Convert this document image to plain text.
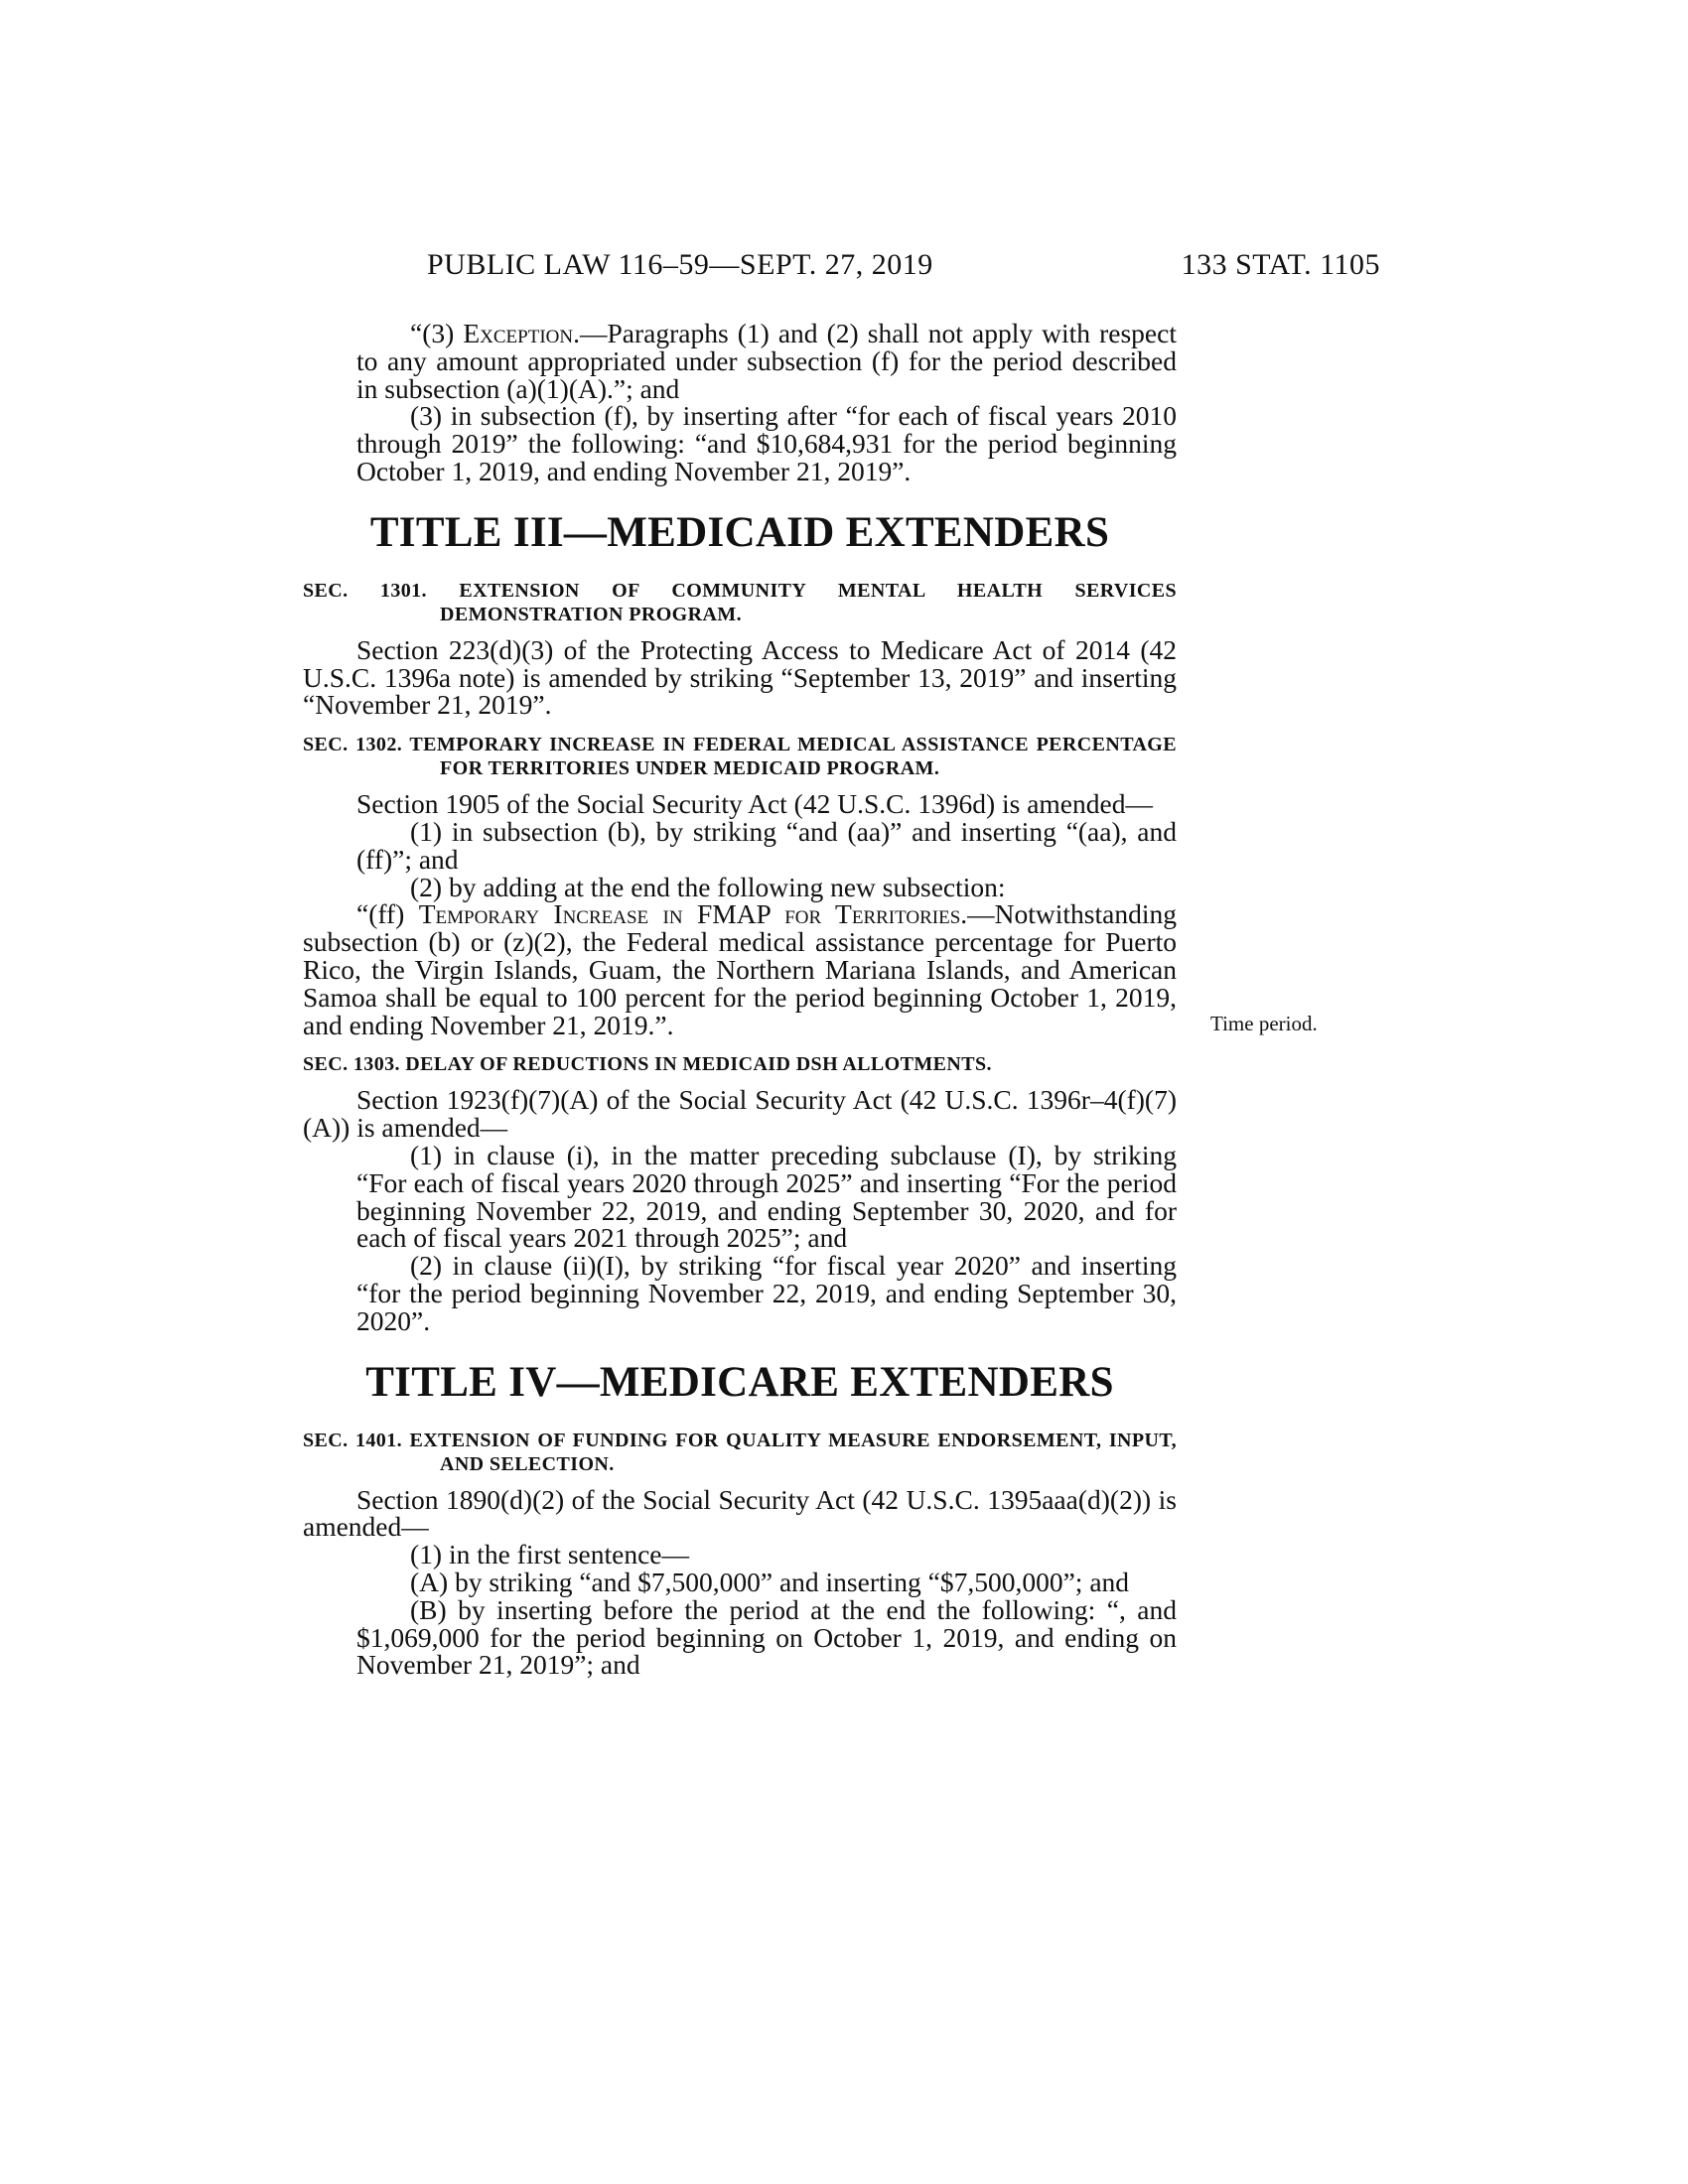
PUBLIC LAW 116–59—SEPT. 27, 2019	133 STAT. 1105
Time period.

“(3) Exception.—Paragraphs (1) and (2) shall not apply with respect to any amount appropriated under subsection (f) for the period described in subsection (a)(1)(A).”; and

(3) in subsection (f), by inserting after “for each of fiscal years 2010 through 2019” the following: “and $10,684,931 for the period beginning October 1, 2019, and ending November 21, 2019”.

TITLE III—MEDICAID EXTENDERS

SEC. 1301. EXTENSION OF COMMUNITY MENTAL HEALTH SERVICES DEMONSTRATION PROGRAM.

Section 223(d)(3) of the Protecting Access to Medicare Act of 2014 (42 U.S.C. 1396a note) is amended by striking “September 13, 2019” and inserting “November 21, 2019”.

SEC. 1302. TEMPORARY INCREASE IN FEDERAL MEDICAL ASSISTANCE PERCENTAGE FOR TERRITORIES UNDER MEDICAID PROGRAM.

Section 1905 of the Social Security Act (42 U.S.C. 1396d) is amended—

(1) in subsection (b), by striking “and (aa)” and inserting “(aa), and (ff)”; and

(2) by adding at the end the following new subsection:

“(ff) Temporary Increase in FMAP for Territories.—Notwithstanding subsection (b) or (z)(2), the Federal medical assistance percentage for Puerto Rico, the Virgin Islands, Guam, the Northern Mariana Islands, and American Samoa shall be equal to 100 percent for the period beginning October 1, 2019, and ending November 21, 2019.”.

SEC. 1303. DELAY OF REDUCTIONS IN MEDICAID DSH ALLOTMENTS.

Section 1923(f)(7)(A) of the Social Security Act (42 U.S.C. 1396r–4(f)(7)(A)) is amended—

(1) in clause (i), in the matter preceding subclause (I), by striking “For each of fiscal years 2020 through 2025” and inserting “For the period beginning November 22, 2019, and ending September 30, 2020, and for each of fiscal years 2021 through 2025”; and

(2) in clause (ii)(I), by striking “for fiscal year 2020” and inserting “for the period beginning November 22, 2019, and ending September 30, 2020”.

TITLE IV—MEDICARE EXTENDERS

SEC. 1401. EXTENSION OF FUNDING FOR QUALITY MEASURE ENDORSEMENT, INPUT, AND SELECTION.

Section 1890(d)(2) of the Social Security Act (42 U.S.C. 1395aaa(d)(2)) is amended—

(1) in the first sentence—

(A) by striking “and $7,500,000” and inserting “$7,500,000”; and

(B) by inserting before the period at the end the following: “, and $1,069,000 for the period beginning on October 1, 2019, and ending on November 21, 2019”; and
